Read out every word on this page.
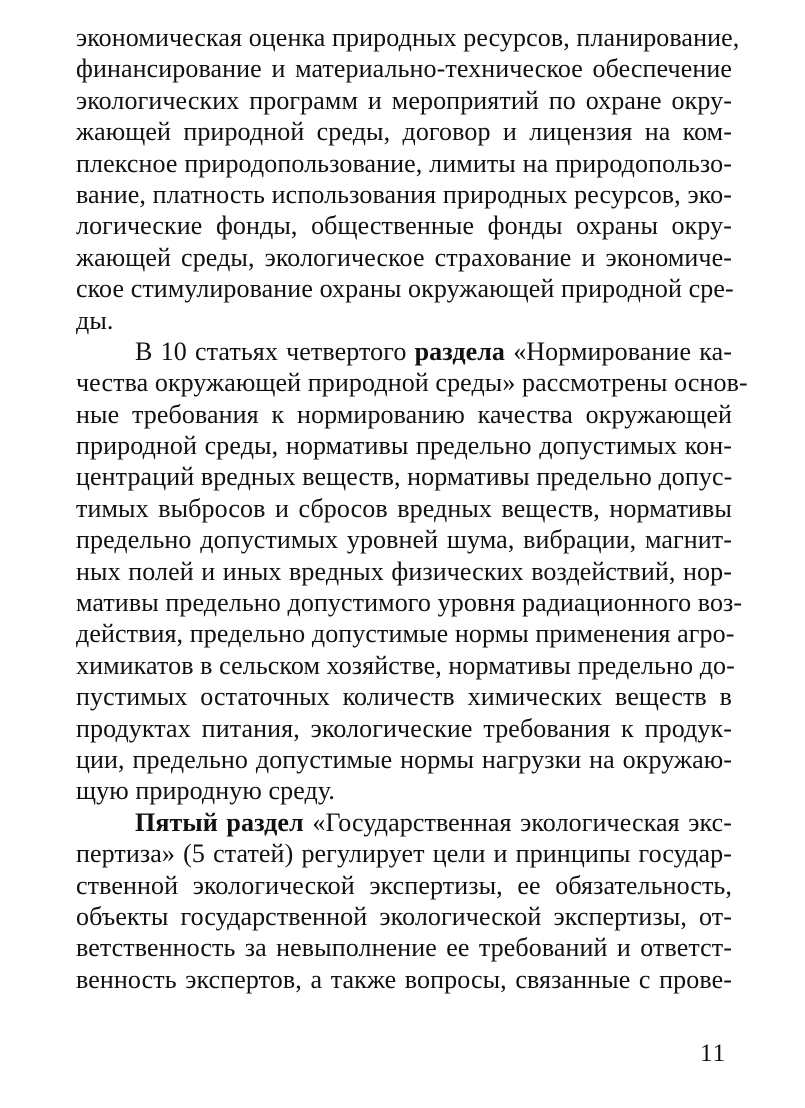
экономическая оценка природных ресурсов, планирование,
финансирование и материально-техническое обеспечение
экологических программ и мероприятий по охране окру-
жающей природной среды, договор и лицензия на ком-
плексное природопользование, лимиты на природопользо-
вание, платность использования природных ресурсов, эко-
логические фонды, общественные фонды охраны окру-
жающей среды, экологическое страхование и экономиче-
ское стимулирование охраны окружающей природной сре-
ды.
В 10 статьях четвертого раздела «Нормирование ка-
чества окружающей природной среды» рассмотрены основ-
ные требования к нормированию качества окружающей
природной среды, нормативы предельно допустимых кон-
центраций вредных веществ, нормативы предельно допус-
тимых выбросов и сбросов вредных веществ, нормативы
предельно допустимых уровней шума, вибрации, магнит-
ных полей и иных вредных физических воздействий, нор-
мативы предельно допустимого уровня радиационного воз-
действия, предельно допустимые нормы применения агро-
химикатов в сельском хозяйстве, нормативы предельно до-
пустимых остаточных количеств химических веществ в
продуктах питания, экологические требования к продук-
ции, предельно допустимые нормы нагрузки на окружаю-
щую природную среду.
Пятый раздел «Государственная экологическая экс-
пертиза» (5 статей) регулирует цели и принципы государ-
ственной экологической экспертизы, ее обязательность,
объекты государственной экологической экспертизы, от-
ветственность за невыполнение ее требований и ответст-
венность экспертов, а также вопросы, связанные с прове-
11
